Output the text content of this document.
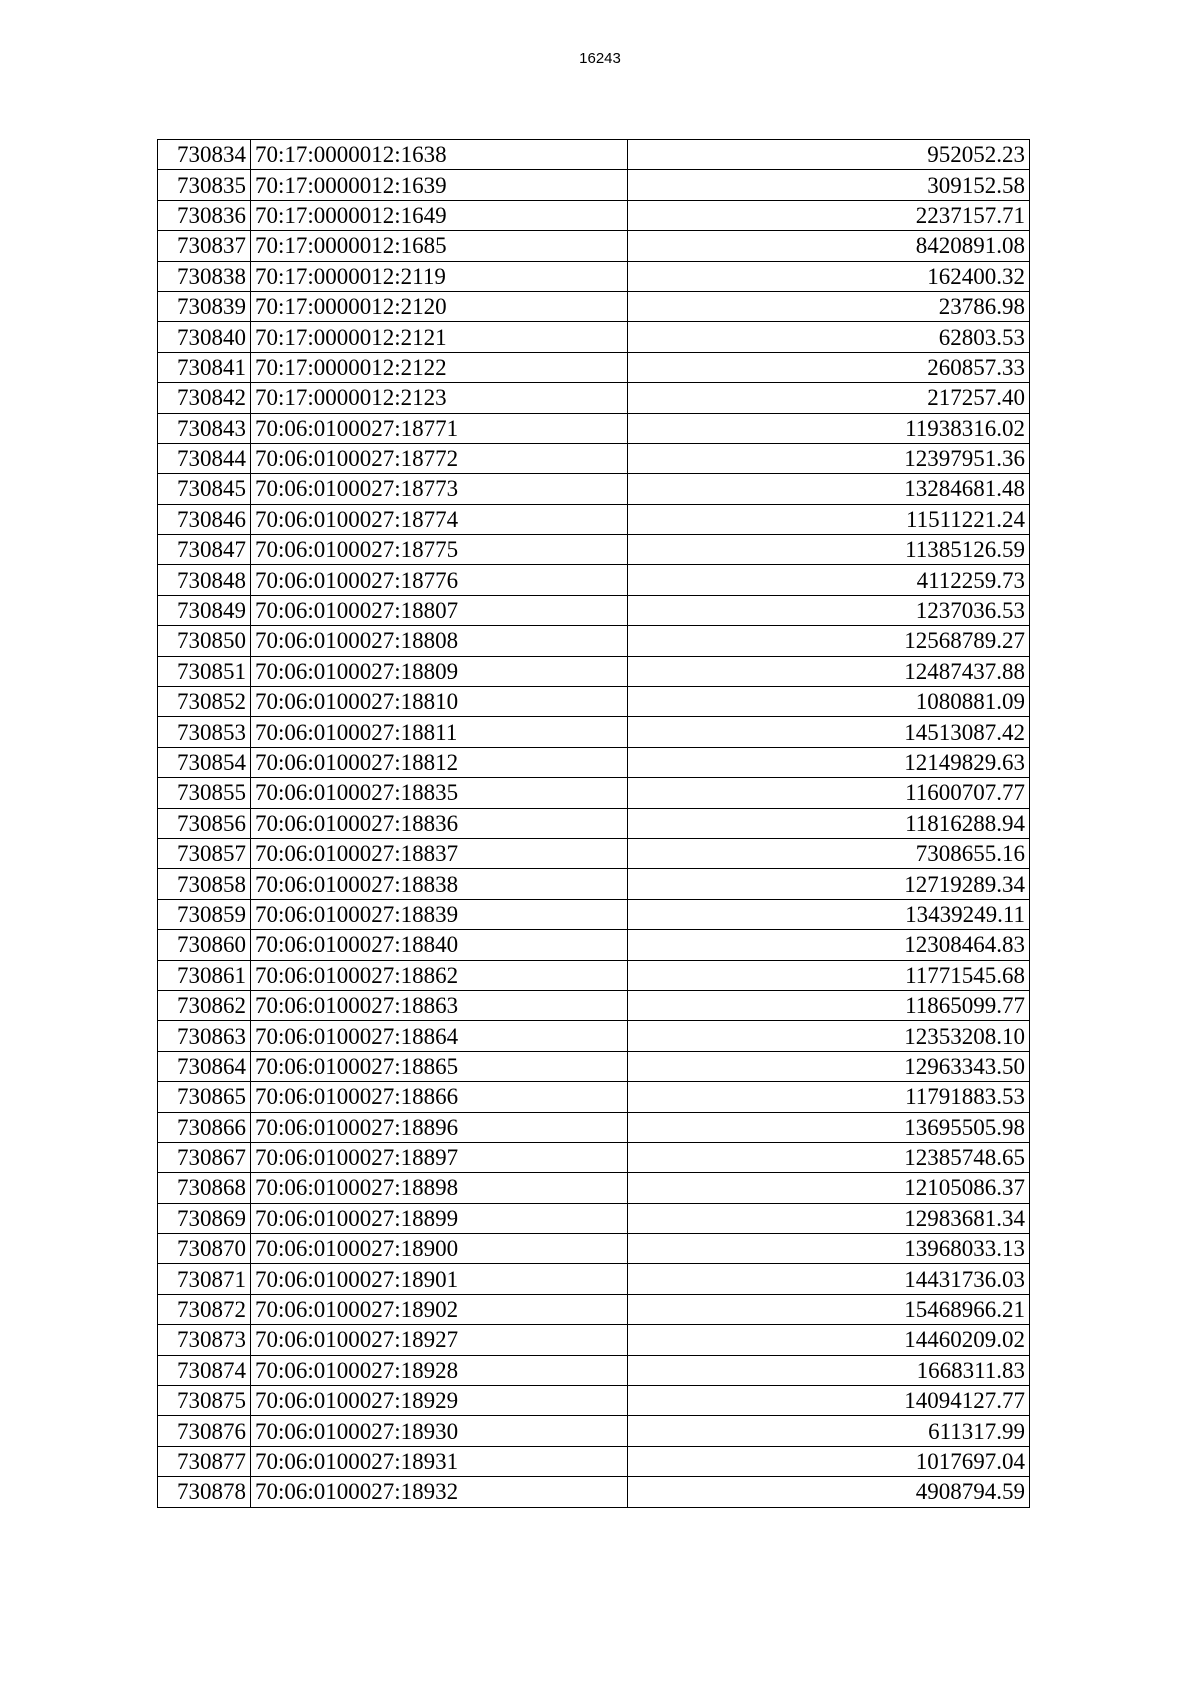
16243
730834	70:17:0000012:1638	952052.23
730835	70:17:0000012:1639	309152.58
730836	70:17:0000012:1649	2237157.71
730837	70:17:0000012:1685	8420891.08
730838	70:17:0000012:2119	162400.32
730839	70:17:0000012:2120	23786.98
730840	70:17:0000012:2121	62803.53
730841	70:17:0000012:2122	260857.33
730842	70:17:0000012:2123	217257.40
730843	70:06:0100027:18771	11938316.02
730844	70:06:0100027:18772	12397951.36
730845	70:06:0100027:18773	13284681.48
730846	70:06:0100027:18774	11511221.24
730847	70:06:0100027:18775	11385126.59
730848	70:06:0100027:18776	4112259.73
730849	70:06:0100027:18807	1237036.53
730850	70:06:0100027:18808	12568789.27
730851	70:06:0100027:18809	12487437.88
730852	70:06:0100027:18810	1080881.09
730853	70:06:0100027:18811	14513087.42
730854	70:06:0100027:18812	12149829.63
730855	70:06:0100027:18835	11600707.77
730856	70:06:0100027:18836	11816288.94
730857	70:06:0100027:18837	7308655.16
730858	70:06:0100027:18838	12719289.34
730859	70:06:0100027:18839	13439249.11
730860	70:06:0100027:18840	12308464.83
730861	70:06:0100027:18862	11771545.68
730862	70:06:0100027:18863	11865099.77
730863	70:06:0100027:18864	12353208.10
730864	70:06:0100027:18865	12963343.50
730865	70:06:0100027:18866	11791883.53
730866	70:06:0100027:18896	13695505.98
730867	70:06:0100027:18897	12385748.65
730868	70:06:0100027:18898	12105086.37
730869	70:06:0100027:18899	12983681.34
730870	70:06:0100027:18900	13968033.13
730871	70:06:0100027:18901	14431736.03
730872	70:06:0100027:18902	15468966.21
730873	70:06:0100027:18927	14460209.02
730874	70:06:0100027:18928	1668311.83
730875	70:06:0100027:18929	14094127.77
730876	70:06:0100027:18930	611317.99
730877	70:06:0100027:18931	1017697.04
730878	70:06:0100027:18932	4908794.59
